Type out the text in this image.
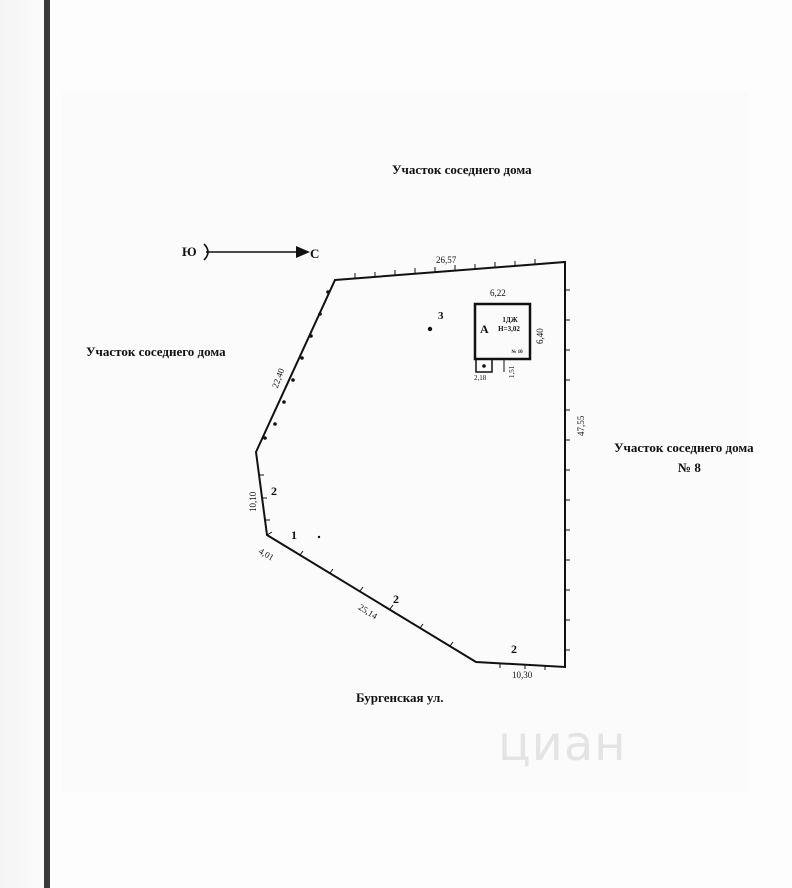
Участок соседнего дома
Участок соседнего дома
Участок соседнего дома
№ 8
Бургенская ул.
Ю	С	26,57
47,55
22,40
10,10
4,01
25,14
10,30
6,22
6,40
2,18	1,51
3
2
1
2
2
А
1ДЖ
H=3,02
№ 10
циан
